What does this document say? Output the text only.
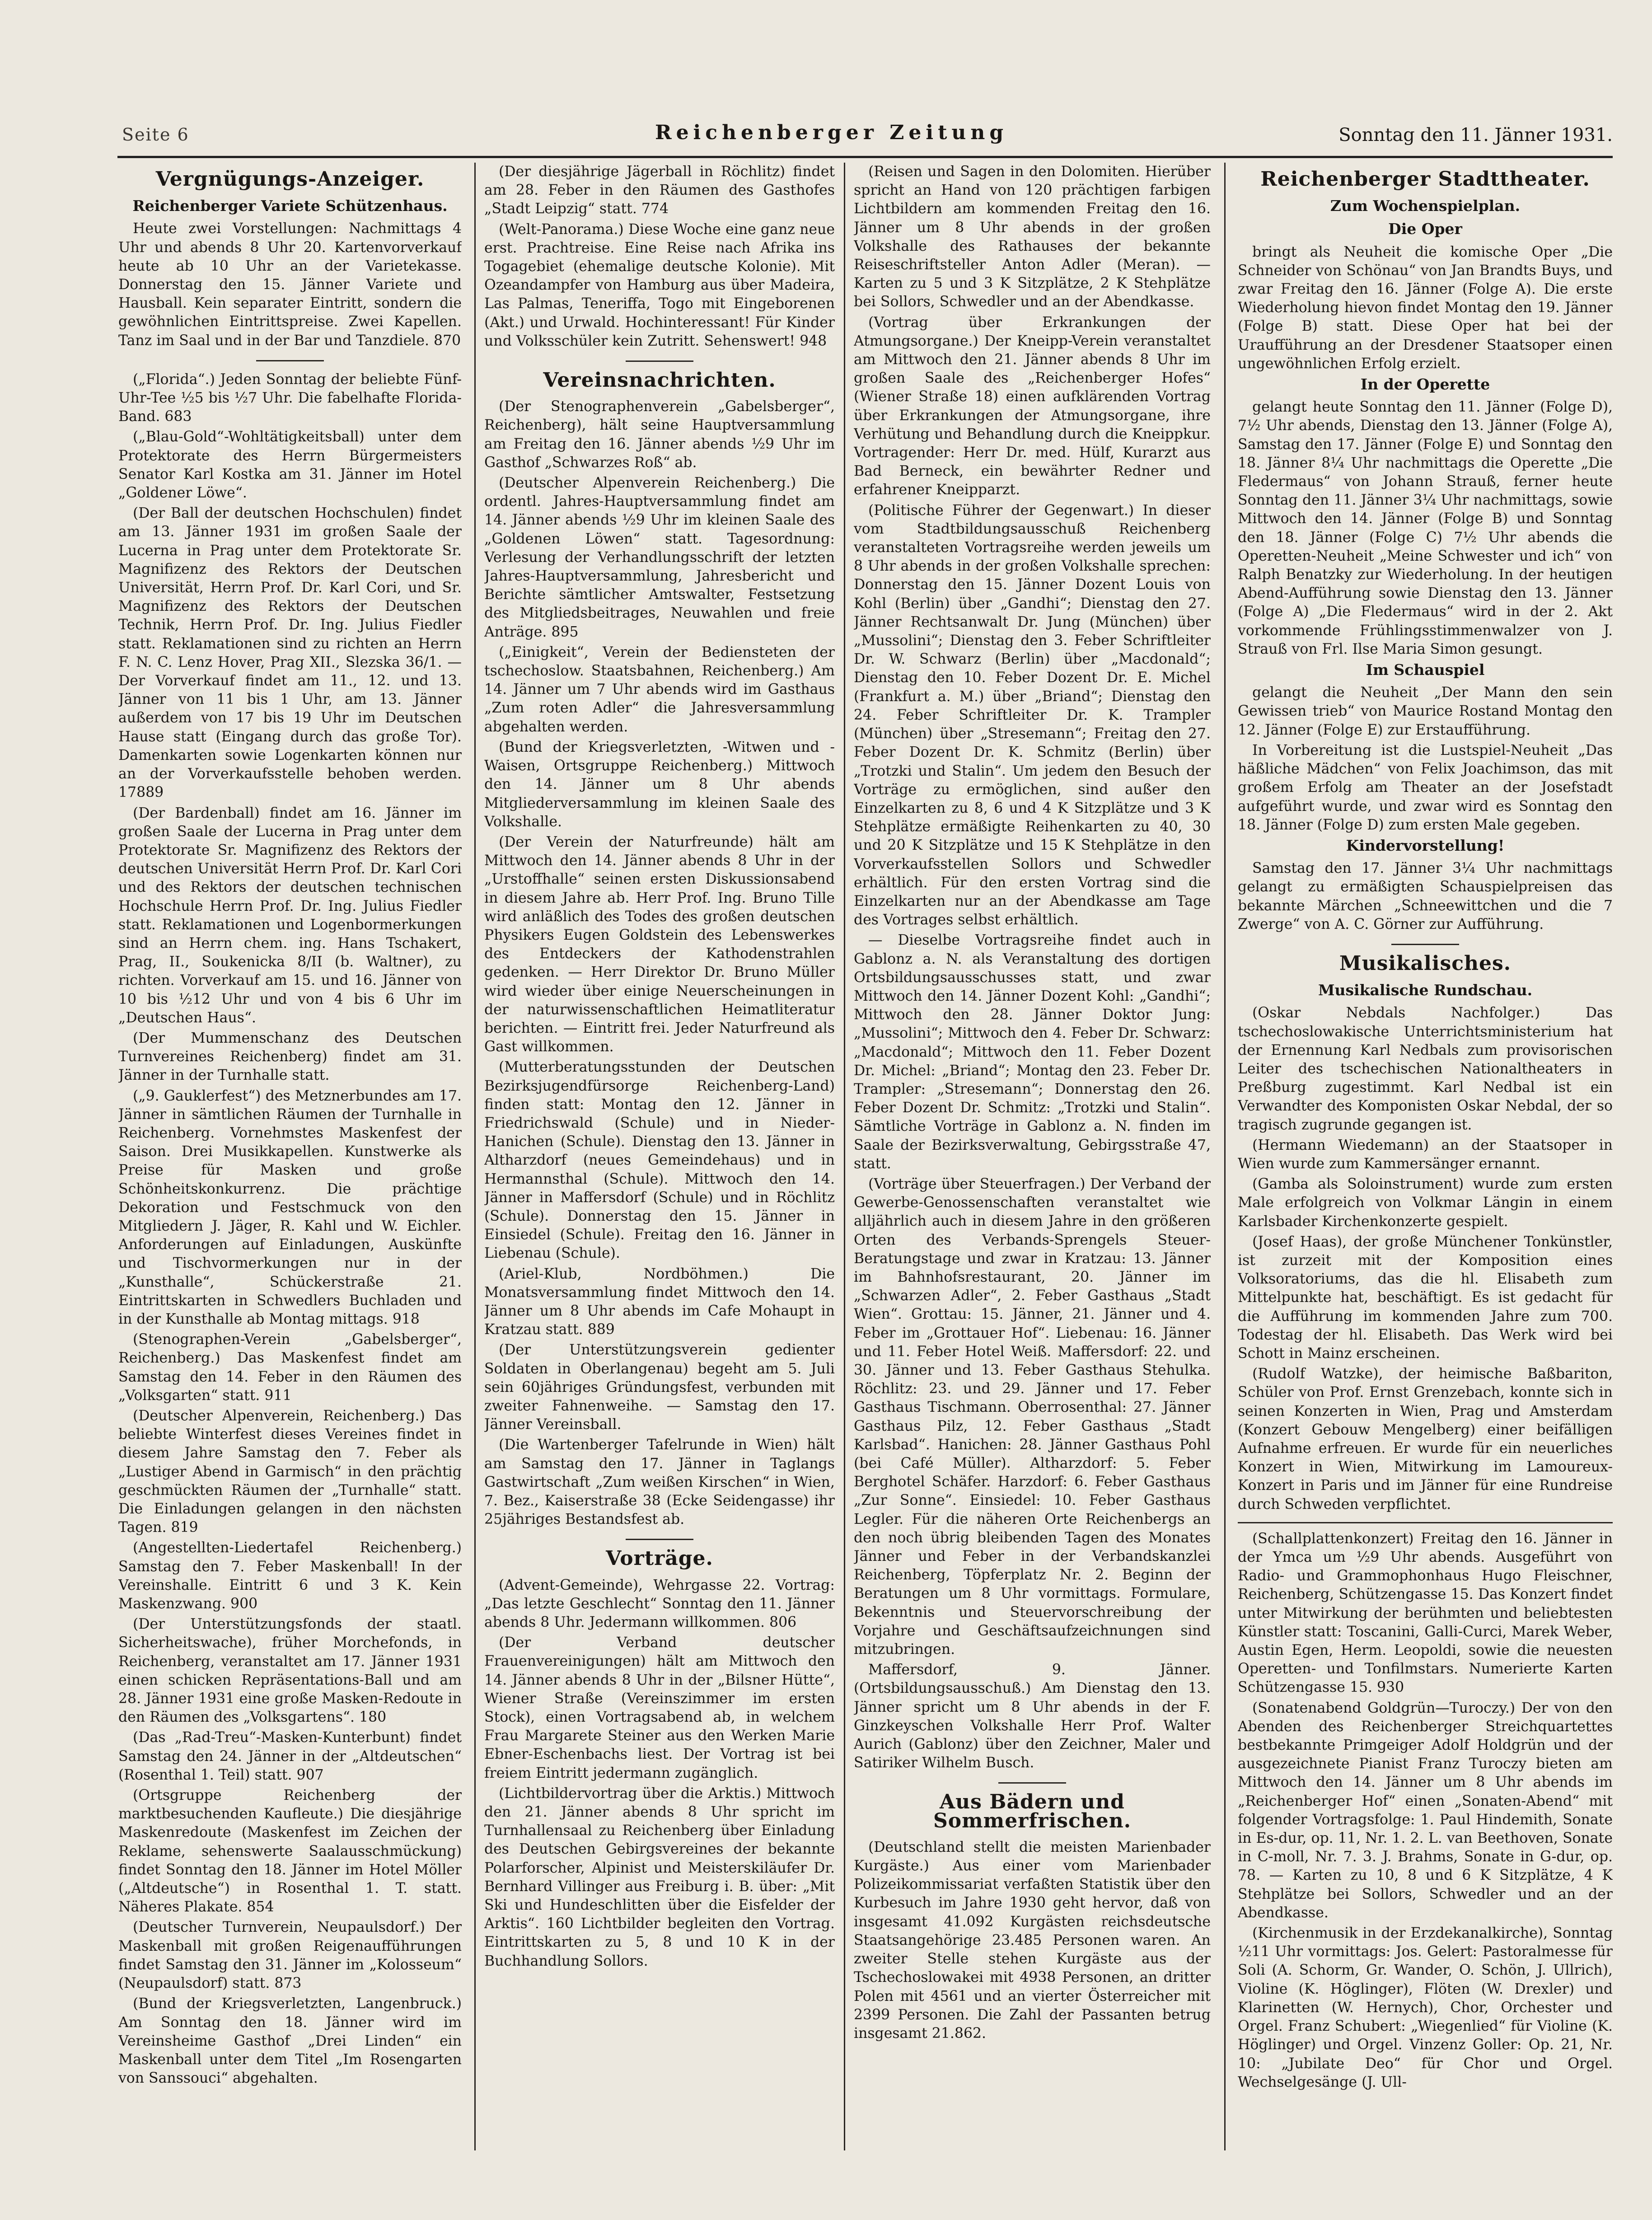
Seite 6	Reichenberger Zeitung	Sonntag den 11. Jänner 1931.
Vergnügungs-Anzeiger.
Reichenberger Variete Schützenhaus.

Heute zwei Vorstellungen: Nachmittags 4 Uhr und abends 8 Uhr 20. Kartenvorverkauf heute ab 10 Uhr an der Varietekasse. Donnerstag den 15. Jänner Variete und Hausball. Kein separater Eintritt, sondern die gewöhnlichen Eintrittspreise. Zwei Kapellen. Tanz im Saal und in der Bar und Tanzdiele. 870

(„Florida“.) Jeden Sonntag der beliebte Fünf-Uhr-Tee ½5 bis ½7 Uhr. Die fabelhafte Florida-Band. 683

(„Blau-Gold“-Wohltätigkeitsball) unter dem Protektorate des Herrn Bürgermeisters Senator Karl Kostka am 31. Jänner im Hotel „Goldener Löwe“.

(Der Ball der deutschen Hochschulen) findet am 13. Jänner 1931 im großen Saale der Lucerna in Prag unter dem Protektorate Sr. Magnifizenz des Rektors der Deutschen Universität, Herrn Prof. Dr. Karl Cori, und Sr. Magnifizenz des Rektors der Deutschen Technik, Herrn Prof. Dr. Ing. Julius Fiedler statt. Reklamationen sind zu richten an Herrn F. N. C. Lenz Hover, Prag XII., Slezska 36/1. — Der Vorverkauf findet am 11., 12. und 13. Jänner von 11 bis 1 Uhr, am 13. Jänner außerdem von 17 bis 19 Uhr im Deutschen Hause statt (Eingang durch das große Tor). Damenkarten sowie Logenkarten können nur an der Vorverkaufsstelle behoben werden. 17889

(Der Bardenball) findet am 16. Jänner im großen Saale der Lucerna in Prag unter dem Protektorate Sr. Magnifizenz des Rektors der deutschen Universität Herrn Prof. Dr. Karl Cori und des Rektors der deutschen technischen Hochschule Herrn Prof. Dr. Ing. Julius Fiedler statt. Reklamationen und Logenbormerkungen sind an Herrn chem. ing. Hans Tschakert, Prag, II., Soukenicka 8/II (b. Waltner), zu richten. Vorverkauf am 15. und 16. Jänner von 10 bis ½12 Uhr und von 4 bis 6 Uhr im „Deutschen Haus“.

(Der Mummenschanz des Deutschen Turnvereines Reichenberg) findet am 31. Jänner in der Turnhalle statt.

(„9. Gauklerfest“) des Metznerbundes am 17. Jänner in sämtlichen Räumen der Turnhalle in Reichenberg. Vornehmstes Maskenfest der Saison. Drei Musikkapellen. Kunstwerke als Preise für Masken und große Schönheitskonkurrenz. Die prächtige Dekoration und Festschmuck von den Mitgliedern J. Jäger, R. Kahl und W. Eichler. Anforderungen auf Einladungen, Auskünfte und Tischvormerkungen nur in der „Kunsthalle“, Schückerstraße 21. Eintrittskarten in Schwedlers Buchladen und in der Kunsthalle ab Montag mittags. 918

(Stenographen-Verein „Gabelsberger“, Reichenberg.) Das Maskenfest findet am Samstag den 14. Feber in den Räumen des „Volksgarten“ statt. 911

(Deutscher Alpenverein, Reichenberg.) Das beliebte Winterfest dieses Vereines findet in diesem Jahre Samstag den 7. Feber als „Lustiger Abend in Garmisch“ in den prächtig geschmückten Räumen der „Turnhalle“ statt. Die Einladungen gelangen in den nächsten Tagen. 819

(Angestellten-Liedertafel Reichenberg.) Samstag den 7. Feber Maskenball! In der Vereinshalle. Eintritt 6 und 3 K. Kein Maskenzwang. 900

(Der Unterstützungsfonds der staatl. Sicherheitswache), früher Morchefonds, in Reichenberg, veranstaltet am 17. Jänner 1931 einen schicken Repräsentations-Ball und am 28. Jänner 1931 eine große Masken-Redoute in den Räumen des „Volksgartens“. 180

(Das „Rad-Treu“-Masken-Kunterbunt) findet Samstag den 24. Jänner in der „Altdeutschen“ (Rosenthal 1. Teil) statt. 907

(Ortsgruppe Reichenberg der marktbesuchenden Kaufleute.) Die diesjährige Maskenredoute (Maskenfest im Zeichen der Reklame, sehenswerte Saalausschmückung) findet Sonntag den 18. Jänner im Hotel Möller („Altdeutsche“) in Rosenthal 1. T. statt. Näheres Plakate. 854

(Deutscher Turnverein, Neupaulsdorf.) Der Maskenball mit großen Reigenaufführungen findet Samstag den 31. Jänner im „Kolosseum“ (Neupaulsdorf) statt. 873

(Bund der Kriegsverletzten, Langenbruck.) Am Sonntag den 18. Jänner wird im Vereinsheime Gasthof „Drei Linden“ ein Maskenball unter dem Titel „Im Rosengarten von Sanssouci“ abgehalten.

(Der diesjährige Jägerball in Röchlitz) findet am 28. Feber in den Räumen des Gasthofes „Stadt Leipzig“ statt. 774

(Welt-Panorama.) Diese Woche eine ganz neue erst. Prachtreise. Eine Reise nach Afrika ins Togagebiet (ehemalige deutsche Kolonie). Mit Ozeandampfer von Hamburg aus über Madeira, Las Palmas, Teneriffa, Togo mit Eingeborenen (Akt.) und Urwald. Hochinteressant! Für Kinder und Volksschüler kein Zutritt. Sehenswert! 948

Vereinsnachrichten.

(Der Stenographenverein „Gabelsberger“, Reichenberg), hält seine Hauptversammlung am Freitag den 16. Jänner abends ½9 Uhr im Gasthof „Schwarzes Roß“ ab.

(Deutscher Alpenverein Reichenberg.) Die ordentl. Jahres-Hauptversammlung findet am 14. Jänner abends ½9 Uhr im kleinen Saale des „Goldenen Löwen“ statt. Tagesordnung: Verlesung der Verhandlungsschrift der letzten Jahres-Hauptversammlung, Jahresbericht und Berichte sämtlicher Amtswalter, Festsetzung des Mitgliedsbeitrages, Neuwahlen und freie Anträge. 895

(„Einigkeit“, Verein der Bediensteten der tschechoslow. Staatsbahnen, Reichenberg.) Am 14. Jänner um 7 Uhr abends wird im Gasthaus „Zum roten Adler“ die Jahresversammlung abgehalten werden.

(Bund der Kriegsverletzten, -Witwen und -Waisen, Ortsgruppe Reichenberg.) Mittwoch den 14. Jänner um 8 Uhr abends Mitgliederversammlung im kleinen Saale des Volkshalle.

(Der Verein der Naturfreunde) hält am Mittwoch den 14. Jänner abends 8 Uhr in der „Urstoffhalle“ seinen ersten Diskussionsabend in diesem Jahre ab. Herr Prof. Ing. Bruno Tille wird anläßlich des Todes des großen deutschen Physikers Eugen Goldstein des Lebenswerkes des Entdeckers der Kathodenstrahlen gedenken. — Herr Direktor Dr. Bruno Müller wird wieder über einige Neuerscheinungen in der naturwissenschaftlichen Heimatliteratur berichten. — Eintritt frei. Jeder Naturfreund als Gast willkommen.

(Mutterberatungsstunden der Deutschen Bezirksjugendfürsorge Reichenberg-Land) finden statt: Montag den 12. Jänner in Friedrichswald (Schule) und in Nieder-Hanichen (Schule). Dienstag den 13. Jänner in Altharzdorf (neues Gemeindehaus) und in Hermannsthal (Schule). Mittwoch den 14. Jänner in Maffersdorf (Schule) und in Röchlitz (Schule). Donnerstag den 15. Jänner in Einsiedel (Schule). Freitag den 16. Jänner in Liebenau (Schule).

(Ariel-Klub, Nordböhmen.) Die Monatsversammlung findet Mittwoch den 14. Jänner um 8 Uhr abends im Cafe Mohaupt in Kratzau statt. 889

(Der Unterstützungsverein gedienter Soldaten in Oberlangenau) begeht am 5. Juli sein 60jähriges Gründungsfest, verbunden mit zweiter Fahnenweihe. — Samstag den 17. Jänner Vereinsball.

(Die Wartenberger Tafelrunde in Wien) hält am Samstag den 17. Jänner in Taglangs Gastwirtschaft „Zum weißen Kirschen“ in Wien, 7. Bez., Kaiserstraße 38 (Ecke Seidengasse) ihr 25jähriges Bestandsfest ab.

Vorträge.

(Advent-Gemeinde), Wehrgasse 22. Vortrag: „Das letzte Geschlecht“ Sonntag den 11. Jänner abends 8 Uhr. Jedermann willkommen. 806

(Der Verband deutscher Frauenvereinigungen) hält am Mittwoch den 14. Jänner abends 8 Uhr in der „Bilsner Hütte“, Wiener Straße (Vereinszimmer im ersten Stock), einen Vortragsabend ab, in welchem Frau Margarete Steiner aus den Werken Marie Ebner-Eschenbachs liest. Der Vortrag ist bei freiem Eintritt jedermann zugänglich.

(Lichtbildervortrag über die Arktis.) Mittwoch den 21. Jänner abends 8 Uhr spricht im Turnhallensaal zu Reichenberg über Einladung des Deutschen Gebirgsvereines der bekannte Polarforscher, Alpinist und Meisterskiläufer Dr. Bernhard Villinger aus Freiburg i. B. über: „Mit Ski und Hundeschlitten über die Eisfelder der Arktis“. 160 Lichtbilder begleiten den Vortrag. Eintrittskarten zu 5, 8 und 10 K in der Buchhandlung Sollors.

(Reisen und Sagen in den Dolomiten. Hierüber spricht an Hand von 120 prächtigen farbigen Lichtbildern am kommenden Freitag den 16. Jänner um 8 Uhr abends in der großen Volkshalle des Rathauses der bekannte Reiseschriftsteller Anton Adler (Meran). — Karten zu 5 und 3 K Sitzplätze, 2 K Stehplätze bei Sollors, Schwedler und an der Abendkasse.

(Vortrag über Erkrankungen der Atmungsorgane.) Der Kneipp-Verein veranstaltet am Mittwoch den 21. Jänner abends 8 Uhr im großen Saale des „Reichenberger Hofes“ (Wiener Straße 18) einen aufklärenden Vortrag über Erkrankungen der Atmungsorgane, ihre Verhütung und Behandlung durch die Kneippkur. Vortragender: Herr Dr. med. Hülf, Kurarzt aus Bad Berneck, ein bewährter Redner und erfahrener Kneipparzt.

(Politische Führer der Gegenwart.) In dieser vom Stadtbildungsausschuß Reichenberg veranstalteten Vortragsreihe werden jeweils um 8 Uhr abends in der großen Volkshalle sprechen: Donnerstag den 15. Jänner Dozent Louis von Kohl (Berlin) über „Gandhi“; Dienstag den 27. Jänner Rechtsanwalt Dr. Jung (München) über „Mussolini“; Dienstag den 3. Feber Schriftleiter Dr. W. Schwarz (Berlin) über „Macdonald“; Dienstag den 10. Feber Dozent Dr. E. Michel (Frankfurt a. M.) über „Briand“; Dienstag den 24. Feber Schriftleiter Dr. K. Trampler (München) über „Stresemann“; Freitag den 27. Feber Dozent Dr. K. Schmitz (Berlin) über „Trotzki und Stalin“. Um jedem den Besuch der Vorträge zu ermöglichen, sind außer den Einzelkarten zu 8, 6 und 4 K Sitzplätze und 3 K Stehplätze ermäßigte Reihenkarten zu 40, 30 und 20 K Sitzplätze und 15 K Stehplätze in den Vorverkaufsstellen Sollors und Schwedler erhältlich. Für den ersten Vortrag sind die Einzelkarten nur an der Abendkasse am Tage des Vortrages selbst erhältlich.

— Dieselbe Vortragsreihe findet auch in Gablonz a. N. als Veranstaltung des dortigen Ortsbildungsausschusses statt, und zwar Mittwoch den 14. Jänner Dozent Kohl: „Gandhi“; Mittwoch den 28. Jänner Doktor Jung: „Mussolini“; Mittwoch den 4. Feber Dr. Schwarz: „Macdonald“; Mittwoch den 11. Feber Dozent Dr. Michel: „Briand“; Montag den 23. Feber Dr. Trampler: „Stresemann“; Donnerstag den 26. Feber Dozent Dr. Schmitz: „Trotzki und Stalin“. Sämtliche Vorträge in Gablonz a. N. finden im Saale der Bezirksverwaltung, Gebirgsstraße 47, statt.

(Vorträge über Steuerfragen.) Der Verband der Gewerbe-Genossenschaften veranstaltet wie alljährlich auch in diesem Jahre in den größeren Orten des Verbands-Sprengels Steuer-Beratungstage und zwar in Kratzau: 13. Jänner im Bahnhofsrestaurant, 20. Jänner im „Schwarzen Adler“, 2. Feber Gasthaus „Stadt Wien“. Grottau: 15. Jänner, 21. Jänner und 4. Feber im „Grottauer Hof“. Liebenau: 16. Jänner und 11. Feber Hotel Weiß. Maffersdorf: 22. und 30. Jänner und 13. Feber Gasthaus Stehulka. Röchlitz: 23. und 29. Jänner und 17. Feber Gasthaus Tischmann. Oberrosenthal: 27. Jänner Gasthaus Pilz, 12. Feber Gasthaus „Stadt Karlsbad“. Hanichen: 28. Jänner Gasthaus Pohl (bei Café Müller). Altharzdorf: 5. Feber Berghotel Schäfer. Harzdorf: 6. Feber Gasthaus „Zur Sonne“. Einsiedel: 10. Feber Gasthaus Legler. Für die näheren Orte Reichenbergs an den noch übrig bleibenden Tagen des Monates Jänner und Feber in der Verbandskanzlei Reichenberg, Töpferplatz Nr. 2. Beginn der Beratungen um 8 Uhr vormittags. Formulare, Bekenntnis und Steuervorschreibung der Vorjahre und Geschäftsaufzeichnungen sind mitzubringen.

Maffersdorf, 9. Jänner. (Ortsbildungsausschuß.) Am Dienstag den 13. Jänner spricht um 8 Uhr abends in der F. Ginzkeyschen Volkshalle Herr Prof. Walter Aurich (Gablonz) über den Zeichner, Maler und Satiriker Wilhelm Busch.

Aus Bädern und Sommerfrischen.

(Deutschland stellt die meisten Marienbader Kurgäste.) Aus einer vom Marienbader Polizeikommissariat verfaßten Statistik über den Kurbesuch im Jahre 1930 geht hervor, daß von insgesamt 41.092 Kurgästen reichsdeutsche Staatsangehörige 23.485 Personen waren. An zweiter Stelle stehen Kurgäste aus der Tschechoslowakei mit 4938 Personen, an dritter Polen mit 4561 und an vierter Österreicher mit 2399 Personen. Die Zahl der Passanten betrug insgesamt 21.862.

Reichenberger Stadttheater.
Zum Wochenspielplan.
Die Oper

bringt als Neuheit die komische Oper „Die Schneider von Schönau“ von Jan Brandts Buys, und zwar Freitag den 16. Jänner (Folge A). Die erste Wiederholung hievon findet Montag den 19. Jänner (Folge B) statt. Diese Oper hat bei der Uraufführung an der Dresdener Staatsoper einen ungewöhnlichen Erfolg erzielt.

In der Operette

gelangt heute Sonntag den 11. Jänner (Folge D), 7½ Uhr abends, Dienstag den 13. Jänner (Folge A), Samstag den 17. Jänner (Folge E) und Sonntag den 18. Jänner 8¼ Uhr nachmittags die Operette „Die Fledermaus“ von Johann Strauß, ferner heute Sonntag den 11. Jänner 3¼ Uhr nachmittags, sowie Mittwoch den 14. Jänner (Folge B) und Sonntag den 18. Jänner (Folge C) 7½ Uhr abends die Operetten-Neuheit „Meine Schwester und ich“ von Ralph Benatzky zur Wiederholung. In der heutigen Abend-Aufführung sowie Dienstag den 13. Jänner (Folge A) „Die Fledermaus“ wird in der 2. Akt vorkommende Frühlingsstimmenwalzer von J. Strauß von Frl. Ilse Maria Simon gesungt.

Im Schauspiel

gelangt die Neuheit „Der Mann den sein Gewissen trieb“ von Maurice Rostand Montag den 12. Jänner (Folge E) zur Erstaufführung.

In Vorbereitung ist die Lustspiel-Neuheit „Das häßliche Mädchen“ von Felix Joachimson, das mit großem Erfolg am Theater an der Josefstadt aufgeführt wurde, und zwar wird es Sonntag den 18. Jänner (Folge D) zum ersten Male gegeben.

Kindervorstellung!

Samstag den 17. Jänner 3¼ Uhr nachmittags gelangt zu ermäßigten Schauspielpreisen das bekannte Märchen „Schneewittchen und die 7 Zwerge“ von A. C. Görner zur Aufführung.

Musikalisches.
Musikalische Rundschau.

(Oskar Nebdals Nachfolger.) Das tschechoslowakische Unterrichtsministerium hat der Ernennung Karl Nedbals zum provisorischen Leiter des tschechischen Nationaltheaters in Preßburg zugestimmt. Karl Nedbal ist ein Verwandter des Komponisten Oskar Nebdal, der so tragisch zugrunde gegangen ist.

(Hermann Wiedemann) an der Staatsoper in Wien wurde zum Kammersänger ernannt.

(Gamba als Soloinstrument) wurde zum ersten Male erfolgreich von Volkmar Längin in einem Karlsbader Kirchenkonzerte gespielt.

(Josef Haas), der große Münchener Tonkünstler, ist zurzeit mit der Komposition eines Volksoratoriums, das die hl. Elisabeth zum Mittelpunkte hat, beschäftigt. Es ist gedacht für die Aufführung im kommenden Jahre zum 700. Todestag der hl. Elisabeth. Das Werk wird bei Schott in Mainz erscheinen.

(Rudolf Watzke), der heimische Baßbariton, Schüler von Prof. Ernst Grenzebach, konnte sich in seinen Konzerten in Wien, Prag und Amsterdam (Konzert Gebouw Mengelberg) einer beifälligen Aufnahme erfreuen. Er wurde für ein neuerliches Konzert in Wien, Mitwirkung im Lamoureux-Konzert in Paris und im Jänner für eine Rundreise durch Schweden verpflichtet.

(Schallplattenkonzert) Freitag den 16. Jänner in der Ymca um ½9 Uhr abends. Ausgeführt von Radio- und Grammophonhaus Hugo Fleischner, Reichenberg, Schützengasse 15. Das Konzert findet unter Mitwirkung der berühmten und beliebtesten Künstler statt: Toscanini, Galli-Curci, Marek Weber, Austin Egen, Herm. Leopoldi, sowie die neuesten Operetten- und Tonfilmstars. Numerierte Karten Schützengasse 15. 930

(Sonatenabend Goldgrün—Turoczy.) Der von den Abenden des Reichenberger Streichquartettes bestbekannte Primgeiger Adolf Holdgrün und der ausgezeichnete Pianist Franz Turoczy bieten am Mittwoch den 14. Jänner um 8 Uhr abends im „Reichenberger Hof“ einen „Sonaten-Abend“ mit folgender Vortragsfolge: 1. Paul Hindemith, Sonate in Es-dur, op. 11, Nr. 1. 2. L. van Beethoven, Sonate in C-moll, Nr. 7. 3. J. Brahms, Sonate in G-dur, op. 78. — Karten zu 10, 8 und 6 K Sitzplätze, 4 K Stehplätze bei Sollors, Schwedler und an der Abendkasse.

(Kirchenmusik in der Erzdekanalkirche), Sonntag ½11 Uhr vormittags: Jos. Gelert: Pastoralmesse für Soli (A. Schorm, Gr. Wander, O. Schön, J. Ullrich), Violine (K. Höglinger), Flöten (W. Drexler) und Klarinetten (W. Hernych), Chor, Orchester und Orgel. Franz Schubert: „Wiegenlied“ für Violine (K. Höglinger) und Orgel. Vinzenz Goller: Op. 21, Nr. 10: „Jubilate Deo“ für Chor und Orgel. Wechselgesänge (J. Ull-
